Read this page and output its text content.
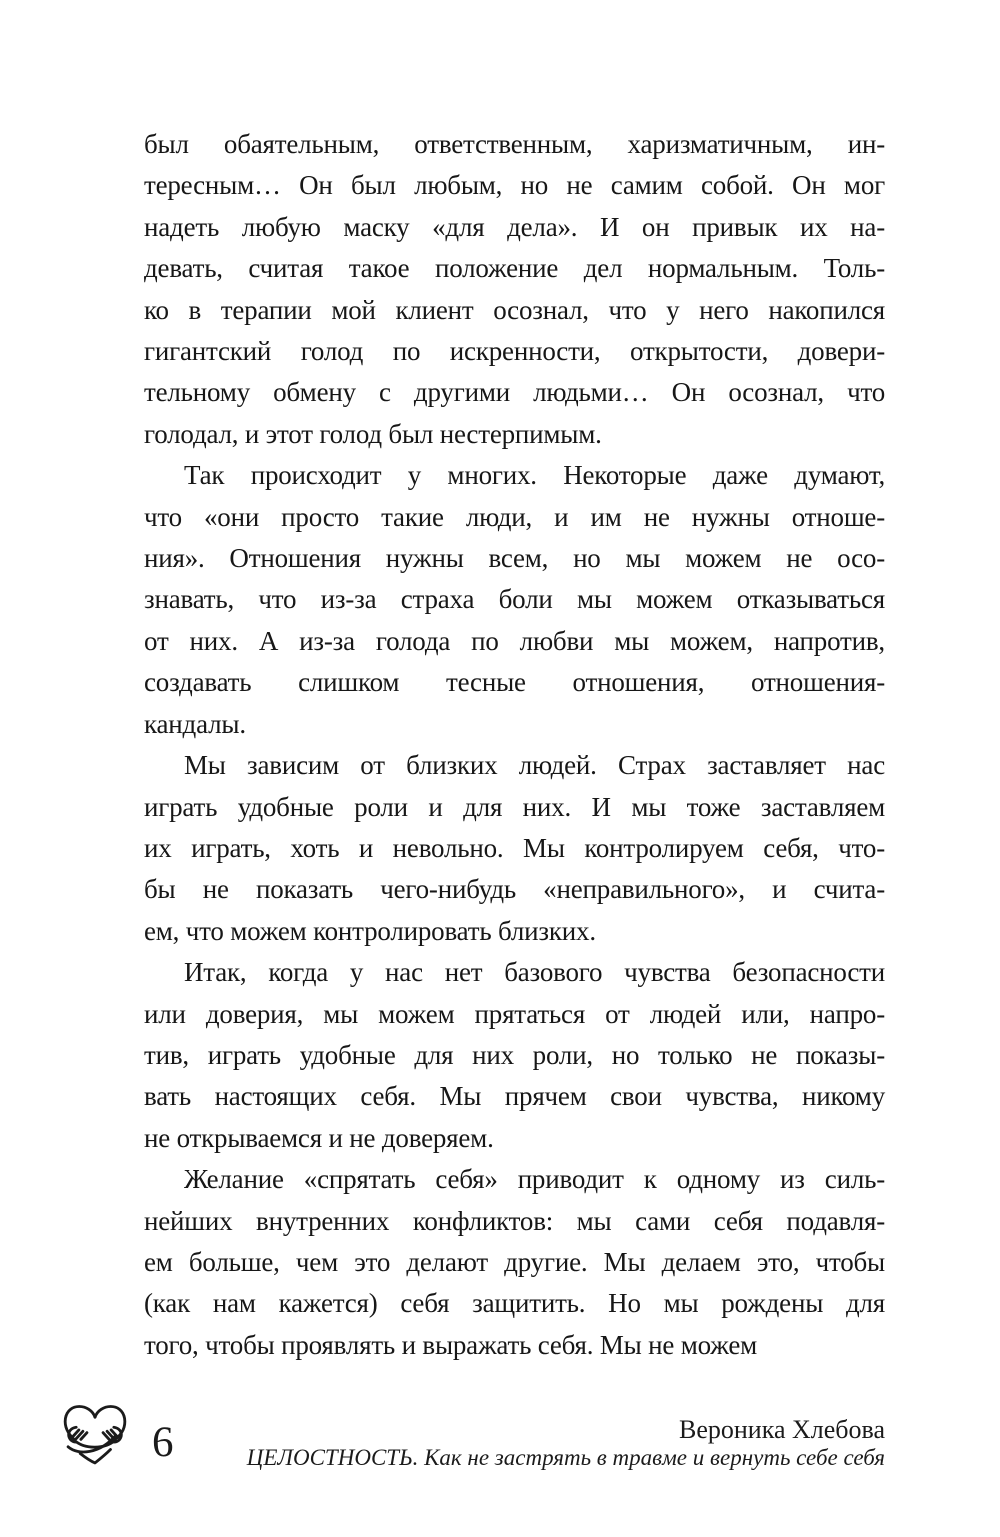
был обаятельным, ответственным, харизматичным, ин-
тересным… Он был любым, но не самим собой. Он мог
надеть любую маску «для дела». И он привык их на-
девать, считая такое положение дел нормальным. Толь-
ко в терапии мой клиент осознал, что у него накопился
гигантский голод по искренности, открытости, довери-
тельному обмену с другими людьми… Он осознал, что
голодал, и этот голод был нестерпимым.
Так происходит у многих. Некоторые даже думают,
что «они просто такие люди, и им не нужны отноше-
ния». Отношения нужны всем, но мы можем не осо-
знавать, что из-за страха боли мы можем отказываться
от них. А из-за голода по любви мы можем, напротив,
создавать слишком тесные отношения, отношения-
кандалы.
Мы зависим от близких людей. Страх заставляет нас
играть удобные роли и для них. И мы тоже заставляем
их играть, хоть и невольно. Мы контролируем себя, что-
бы не показать чего-нибудь «неправильного», и счита-
ем, что можем контролировать близких.
Итак, когда у нас нет базового чувства безопасности
или доверия, мы можем прятаться от людей или, напро-
тив, играть удобные для них роли, но только не показы-
вать настоящих себя. Мы прячем свои чувства, никому
не открываемся и не доверяем.
Желание «спрятать себя» приводит к одному из силь-
нейших внутренних конфликтов: мы сами себя подавля-
ем больше, чем это делают другие. Мы делаем это, чтобы
(как нам кажется) себя защитить. Но мы рождены для
того, чтобы проявлять и выражать себя. Мы не можем
6	Вероника Хлебова
ЦЕЛОСТНОСТЬ. Как не застрять в травме и вернуть себе себя
